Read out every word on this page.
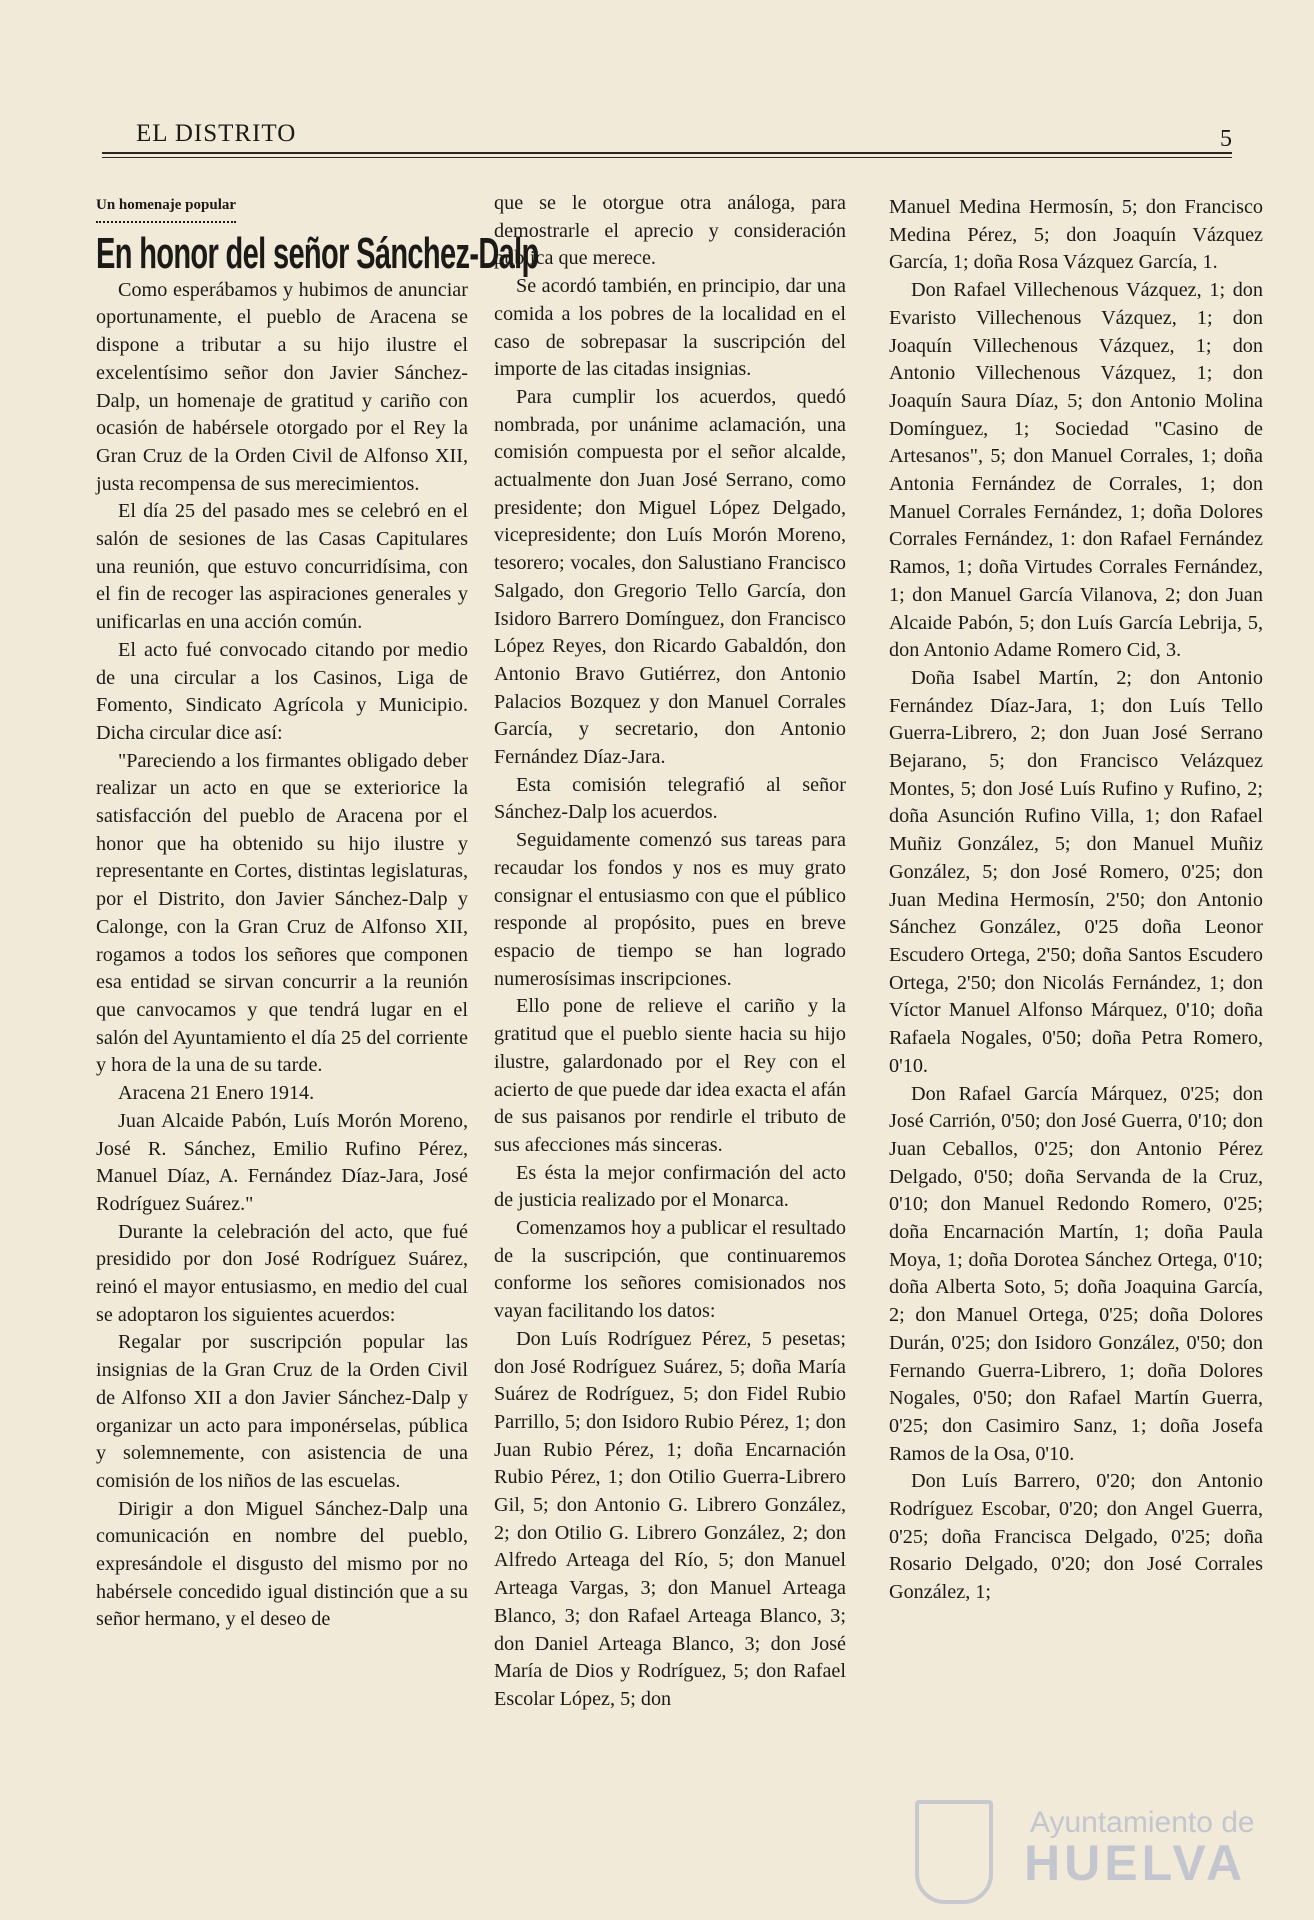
EL DISTRITO	5
Un homenaje popular
En honor del señor Sánchez-Dalp

Como esperábamos y hubimos de anunciar oportunamente, el pueblo de Aracena se dispone a tributar a su hijo ilustre el excelentísimo señor don Javier Sánchez-Dalp, un homenaje de gratitud y cariño con ocasión de habérsele otorgado por el Rey la Gran Cruz de la Orden Civil de Alfonso XII, justa recompensa de sus merecimientos.

El día 25 del pasado mes se celebró en el salón de sesiones de las Casas Capitulares una reunión, que estuvo concurridísima, con el fin de recoger las aspiraciones generales y unificarlas en una acción común.

El acto fué convocado citando por medio de una circular a los Casinos, Liga de Fomento, Sindicato Agrícola y Municipio. Dicha circular dice así:

"Pareciendo a los firmantes obligado deber realizar un acto en que se exteriorice la satisfacción del pueblo de Aracena por el honor que ha obtenido su hijo ilustre y representante en Cortes, distintas legislaturas, por el Distrito, don Javier Sánchez-Dalp y Calonge, con la Gran Cruz de Alfonso XII, rogamos a todos los señores que componen esa entidad se sirvan concurrir a la reunión que canvocamos y que tendrá lugar en el salón del Ayuntamiento el día 25 del corriente y hora de la una de su tarde.

Aracena 21 Enero 1914.

Juan Alcaide Pabón, Luís Morón Moreno, José R. Sánchez, Emilio Rufino Pérez, Manuel Díaz, A. Fernández Díaz-Jara, José Rodríguez Suárez."

Durante la celebración del acto, que fué presidido por don José Rodríguez Suárez, reinó el mayor entusiasmo, en medio del cual se adoptaron los siguientes acuerdos:

Regalar por suscripción popular las insignias de la Gran Cruz de la Orden Civil de Alfonso XII a don Javier Sánchez-Dalp y organizar un acto para imponérselas, pública y solemnemente, con asistencia de una comisión de los niños de las escuelas.

Dirigir a don Miguel Sánchez-Dalp una comunicación en nombre del pueblo, expresándole el disgusto del mismo por no habérsele concedido igual distinción que a su señor hermano, y el deseo de

que se le otorgue otra análoga, para demostrarle el aprecio y consideración pública que merece.

Se acordó también, en principio, dar una comida a los pobres de la localidad en el caso de sobrepasar la suscripción del importe de las citadas insignias.

Para cumplir los acuerdos, quedó nombrada, por unánime aclamación, una comisión compuesta por el señor alcalde, actualmente don Juan José Serrano, como presidente; don Miguel López Delgado, vicepresidente; don Luís Morón Moreno, tesorero; vocales, don Salustiano Francisco Salgado, don Gregorio Tello García, don Isidoro Barrero Domínguez, don Francisco López Reyes, don Ricardo Gabaldón, don Antonio Bravo Gutiérrez, don Antonio Palacios Bozquez y don Manuel Corrales García, y secretario, don Antonio Fernández Díaz-Jara.

Esta comisión telegrafió al señor Sánchez-Dalp los acuerdos.

Seguidamente comenzó sus tareas para recaudar los fondos y nos es muy grato consignar el entusiasmo con que el público responde al propósito, pues en breve espacio de tiempo se han logrado numerosísimas inscripciones.

Ello pone de relieve el cariño y la gratitud que el pueblo siente hacia su hijo ilustre, galardonado por el Rey con el acierto de que puede dar idea exacta el afán de sus paisanos por rendirle el tributo de sus afecciones más sinceras.

Es ésta la mejor confirmación del acto de justicia realizado por el Monarca.

Comenzamos hoy a publicar el resultado de la suscripción, que continuaremos conforme los señores comisionados nos vayan facilitando los datos:

Don Luís Rodríguez Pérez, 5 pesetas; don José Rodríguez Suárez, 5; doña María Suárez de Rodríguez, 5; don Fidel Rubio Parrillo, 5; don Isidoro Rubio Pérez, 1; don Juan Rubio Pérez, 1; doña Encarnación Rubio Pérez, 1; don Otilio Guerra-Librero Gil, 5; don Antonio G. Librero González, 2; don Otilio G. Librero González, 2; don Alfredo Arteaga del Río, 5; don Manuel Arteaga Vargas, 3; don Manuel Arteaga Blanco, 3; don Rafael Arteaga Blanco, 3; don Daniel Arteaga Blanco, 3; don José María de Dios y Rodríguez, 5; don Rafael Escolar López, 5; don

Manuel Medina Hermosín, 5; don Francisco Medina Pérez, 5; don Joaquín Vázquez García, 1; doña Rosa Vázquez García, 1.

Don Rafael Villechenous Vázquez, 1; don Evaristo Villechenous Vázquez, 1; don Joaquín Villechenous Vázquez, 1; don Antonio Villechenous Vázquez, 1; don Joaquín Saura Díaz, 5; don Antonio Molina Domínguez, 1; Sociedad "Casino de Artesanos", 5; don Manuel Corrales, 1; doña Antonia Fernández de Corrales, 1; don Manuel Corrales Fernández, 1; doña Dolores Corrales Fernández, 1: don Rafael Fernández Ramos, 1; doña Virtudes Corrales Fernández, 1; don Manuel García Vilanova, 2; don Juan Alcaide Pabón, 5; don Luís García Lebrija, 5, don Antonio Adame Romero Cid, 3.

Doña Isabel Martín, 2; don Antonio Fernández Díaz-Jara, 1; don Luís Tello Guerra-Librero, 2; don Juan José Serrano Bejarano, 5; don Francisco Velázquez Montes, 5; don José Luís Rufino y Rufino, 2; doña Asunción Rufino Villa, 1; don Rafael Muñiz González, 5; don Manuel Muñiz González, 5; don José Romero, 0'25; don Juan Medina Hermosín, 2'50; don Antonio Sánchez González, 0'25 doña Leonor Escudero Ortega, 2'50; doña Santos Escudero Ortega, 2'50; don Nicolás Fernández, 1; don Víctor Manuel Alfonso Márquez, 0'10; doña Rafaela Nogales, 0'50; doña Petra Romero, 0'10.

Don Rafael García Márquez, 0'25; don José Carrión, 0'50; don José Guerra, 0'10; don Juan Ceballos, 0'25; don Antonio Pérez Delgado, 0'50; doña Servanda de la Cruz, 0'10; don Manuel Redondo Romero, 0'25; doña Encarnación Martín, 1; doña Paula Moya, 1; doña Dorotea Sánchez Ortega, 0'10; doña Alberta Soto, 5; doña Joaquina García, 2; don Manuel Ortega, 0'25; doña Dolores Durán, 0'25; don Isidoro González, 0'50; don Fernando Guerra-Librero, 1; doña Dolores Nogales, 0'50; don Rafael Martín Guerra, 0'25; don Casimiro Sanz, 1; doña Josefa Ramos de la Osa, 0'10.

Don Luís Barrero, 0'20; don Antonio Rodríguez Escobar, 0'20; don Angel Guerra, 0'25; doña Francisca Delgado, 0'25; doña Rosario Delgado, 0'20; don José Corrales González, 1;

Ayuntamiento de
HUELVA
